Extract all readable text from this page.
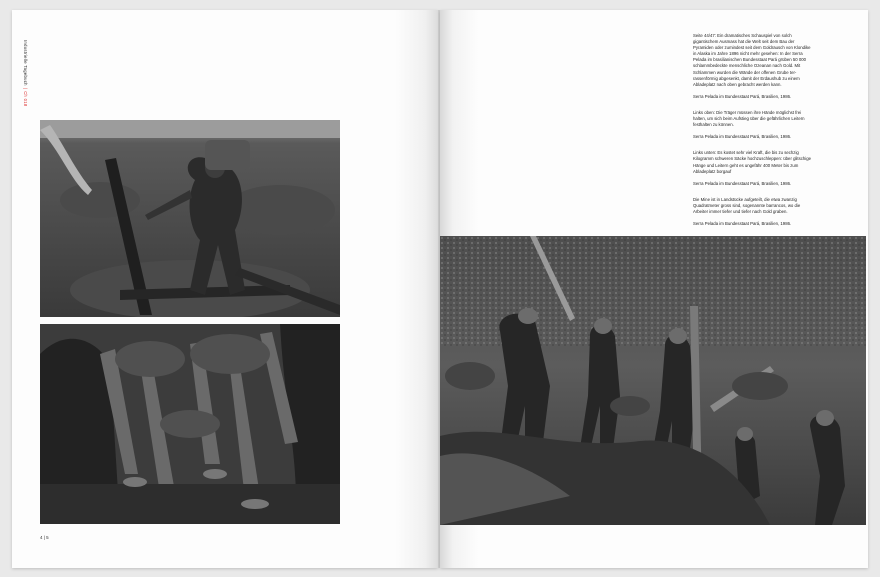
Industrielle Tagebuch|Ch 018
4 | 5

Seite 44/47: Ein dramatisches Schauspiel von solch gigantischem Ausmass hat die Welt seit dem Bau der Pyramiden oder zumindest seit dem Goldrausch von Klondike in Alaska im Jahre 1896 nicht mehr gesehen: In der Serra Pelada im brasilianischen Bundesstaat Pará grüben 50 000 schlammbedeckte menschliche Ozeanan nach Gold. Mit Schlammen wurden die Wände der offenen Grube ter-rassenförmig abgesenkt, damit der Erdaushub zu einem Abladeplatz nach oben gebracht werden kann.

Serra Pelada im Bundesstaat Pará, Brasilien, 1986.

Links oben: Die Träger müssen ihre Hände möglichst frei halten, um sich beim Aufstieg über die gefährlichen Leitern festhalten zu können.

Serra Pelada im Bundesstaat Pará, Brasilien, 1986.

Links unten: Es kostet sehr viel Kraft, die bis zu sechzig Kilogramm schweren Säcke hochzuschleppen: über glitschige Hänge und Leitern geht es ungefähr 400 Meter bis zum Abladeplatz borgauf

Serra Pelada im Bundesstaat Pará, Brasilien, 1986.

Die Mine ist in Landstücke aufgeteilt, die etwa zwanzig Quadratmeter gross sind, sogenannte barrancos, wo die Arbeiter immer tiefer und tiefer nach Gold graben.

Serra Pelada im Bundesstaat Pará, Brasilien, 1986.
